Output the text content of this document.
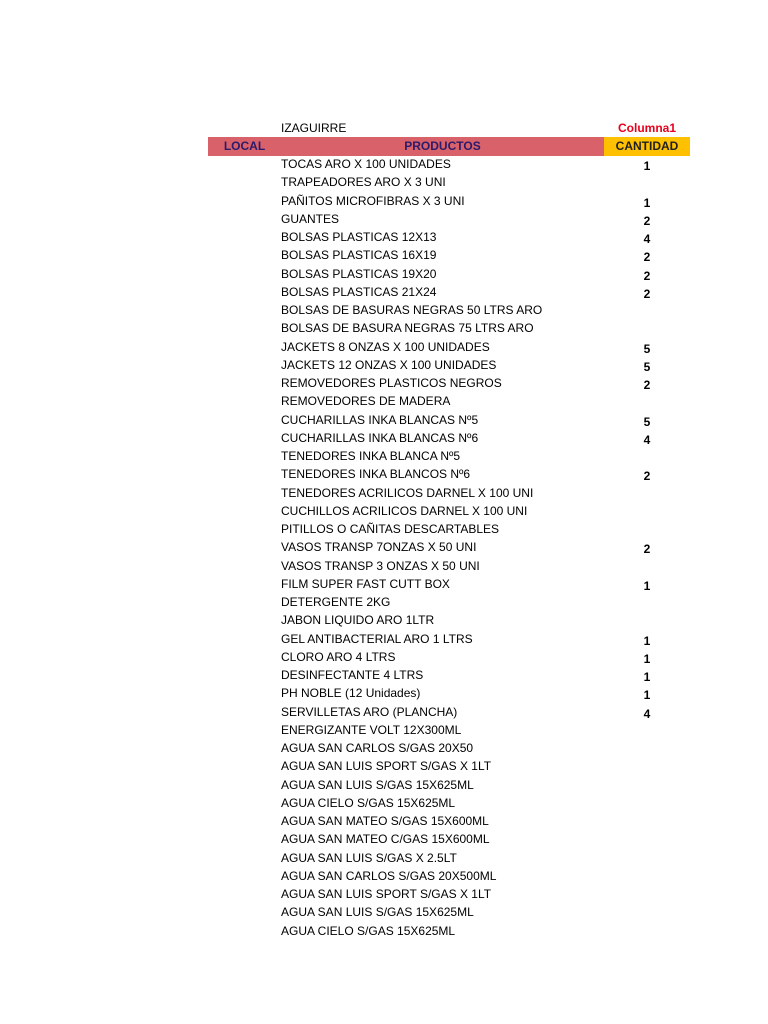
IZAGUIRRE	Columna1
LOCAL	PRODUCTOS	CANTIDAD
TOCAS ARO X 100 UNIDADES	1
TRAPEADORES ARO X 3 UNI
PAÑITOS MICROFIBRAS X 3 UNI	1
GUANTES	2
BOLSAS PLASTICAS 12X13	4
BOLSAS PLASTICAS 16X19	2
BOLSAS PLASTICAS 19X20	2
BOLSAS PLASTICAS 21X24	2
BOLSAS DE BASURAS NEGRAS 50 LTRS ARO
BOLSAS DE BASURA NEGRAS 75 LTRS ARO
JACKETS 8 ONZAS X 100 UNIDADES	5
JACKETS 12 ONZAS X 100 UNIDADES	5
REMOVEDORES PLASTICOS NEGROS	2
REMOVEDORES DE MADERA
CUCHARILLAS INKA BLANCAS Nº5	5
CUCHARILLAS INKA BLANCAS Nº6	4
TENEDORES INKA BLANCA Nº5
TENEDORES INKA BLANCOS Nº6	2
TENEDORES ACRILICOS DARNEL X 100 UNI
CUCHILLOS ACRILICOS DARNEL X 100 UNI
PITILLOS O CAÑITAS DESCARTABLES
VASOS TRANSP 7ONZAS X 50 UNI	2
VASOS TRANSP 3 ONZAS X 50 UNI
FILM SUPER FAST CUTT BOX	1
DETERGENTE 2KG
JABON LIQUIDO ARO 1LTR
GEL ANTIBACTERIAL ARO 1 LTRS	1
CLORO ARO 4 LTRS	1
DESINFECTANTE 4 LTRS	1
PH NOBLE (12 Unidades)	1
SERVILLETAS ARO (PLANCHA)	4
ENERGIZANTE VOLT 12X300ML
AGUA SAN CARLOS S/GAS 20X50
AGUA SAN LUIS SPORT S/GAS X 1LT
AGUA SAN LUIS S/GAS 15X625ML
AGUA CIELO S/GAS 15X625ML
AGUA SAN MATEO S/GAS 15X600ML
AGUA SAN MATEO C/GAS 15X600ML
AGUA SAN LUIS S/GAS X 2.5LT
AGUA SAN CARLOS S/GAS 20X500ML
AGUA SAN LUIS SPORT S/GAS X 1LT
AGUA SAN LUIS S/GAS 15X625ML
AGUA CIELO S/GAS 15X625ML
